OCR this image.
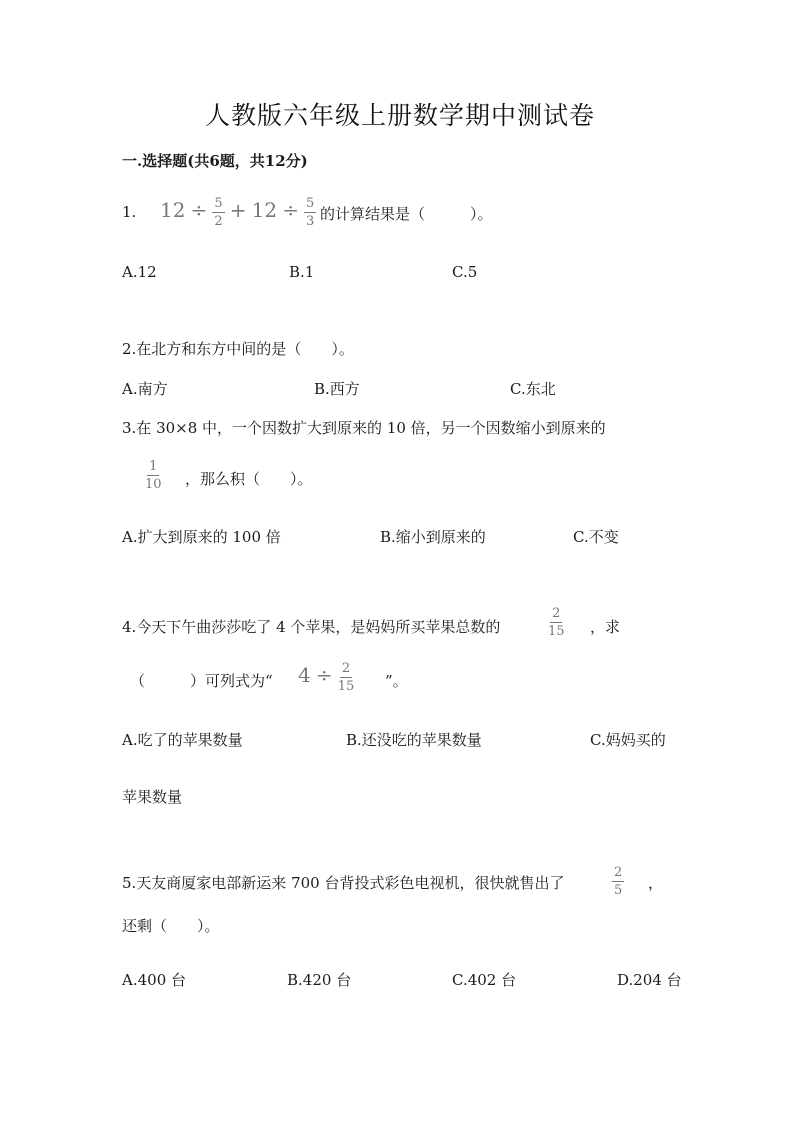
人教版六年级上册数学期中测试卷
一.选择题(共6题，共12分)
1. $12 \div \frac{5}{2} + 12 \div \frac{5}{3}$ 的计算结果是（　　　）。
A.12	B.1	C.5
2.在北方和东方中间的是（　　）。
A.南方	B.西方	C.东北
3.在 30×8 中，一个因数扩大到原来的 10 倍，另一个因数缩小到原来的
$\frac{1}{10}$ ，那么积（　　）。
A.扩大到原来的 100 倍	B.缩小到原来的	C.不变
4.今天下午曲莎莎吃了 4 个苹果，是妈妈所买苹果总数的	$\frac{2}{15}$ ，求
（　　　）可列式为“ $4 \div \frac{2}{15}$ ”。
A.吃了的苹果数量	B.还没吃的苹果数量	C.妈妈买的
苹果数量
5.天友商厦家电部新运来 700 台背投式彩色电视机，很快就售出了	$\frac{2}{5}$ ，
还剩（　　）。
A.400 台	B.420 台	C.402 台	D.204 台
